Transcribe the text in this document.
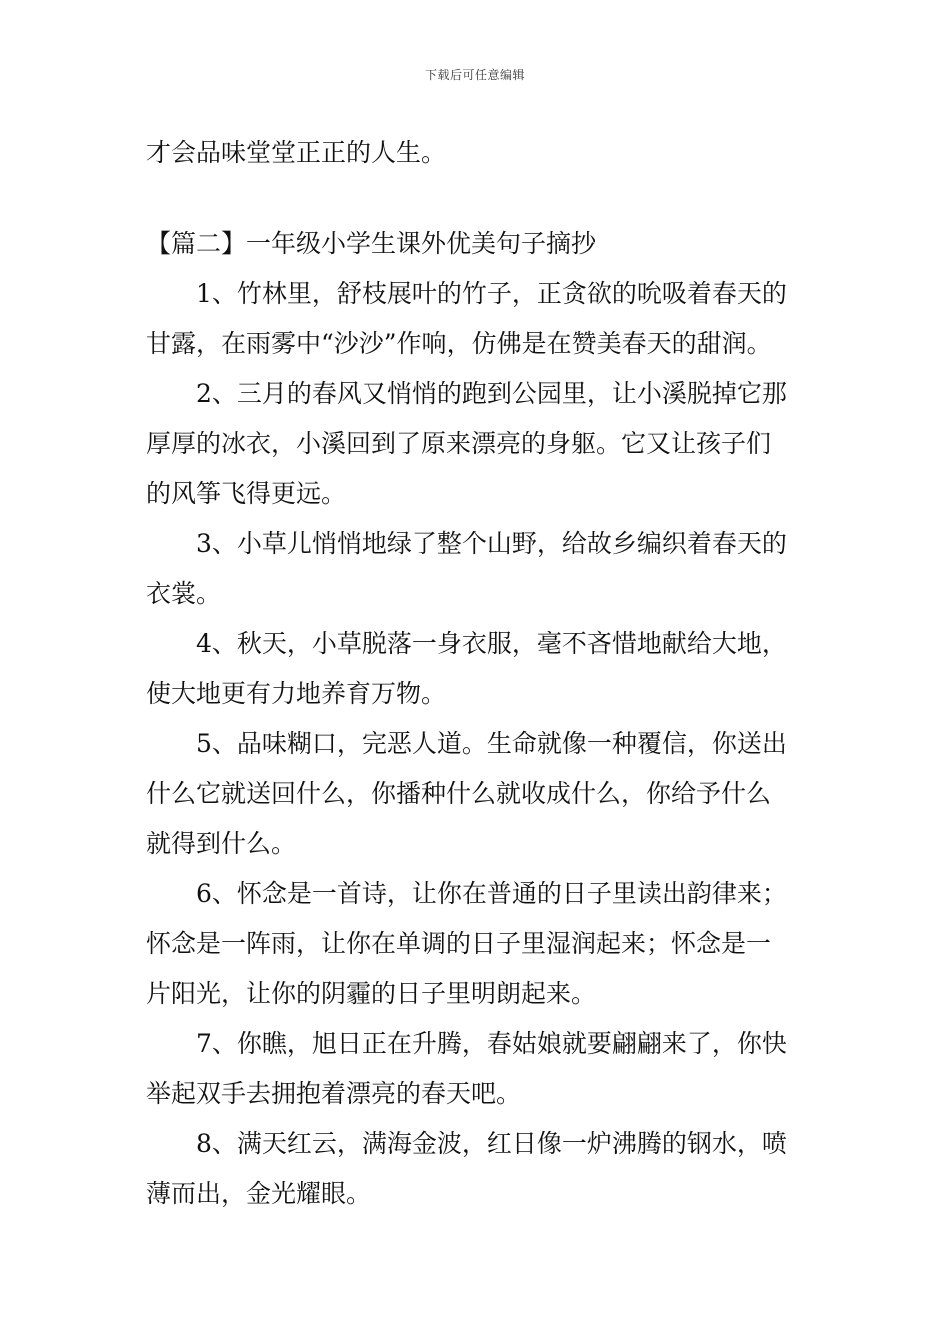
下载后可任意编辑
才会品味堂堂正正的人生。
【篇二】一年级小学生课外优美句子摘抄
1、竹林里，舒枝展叶的竹子，正贪欲的吮吸着春天的
甘露，在雨雾中“沙沙”作响，仿佛是在赞美春天的甜润。
2、三月的春风又悄悄的跑到公园里，让小溪脱掉它那
厚厚的冰衣，小溪回到了原来漂亮的身躯。它又让孩子们
的风筝飞得更远。
3、小草儿悄悄地绿了整个山野，给故乡编织着春天的
衣裳。
4、秋天，小草脱落一身衣服，毫不吝惜地献给大地，
使大地更有力地养育万物。
5、品味糊口，完恶人道。生命就像一种覆信，你送出
什么它就送回什么，你播种什么就收成什么，你给予什么
就得到什么。
6、怀念是一首诗，让你在普通的日子里读出韵律来；
怀念是一阵雨，让你在单调的日子里湿润起来；怀念是一
片阳光，让你的阴霾的日子里明朗起来。
7、你瞧，旭日正在升腾，春姑娘就要翩翩来了，你快
举起双手去拥抱着漂亮的春天吧。
8、满天红云，满海金波，红日像一炉沸腾的钢水，喷
薄而出，金光耀眼。
